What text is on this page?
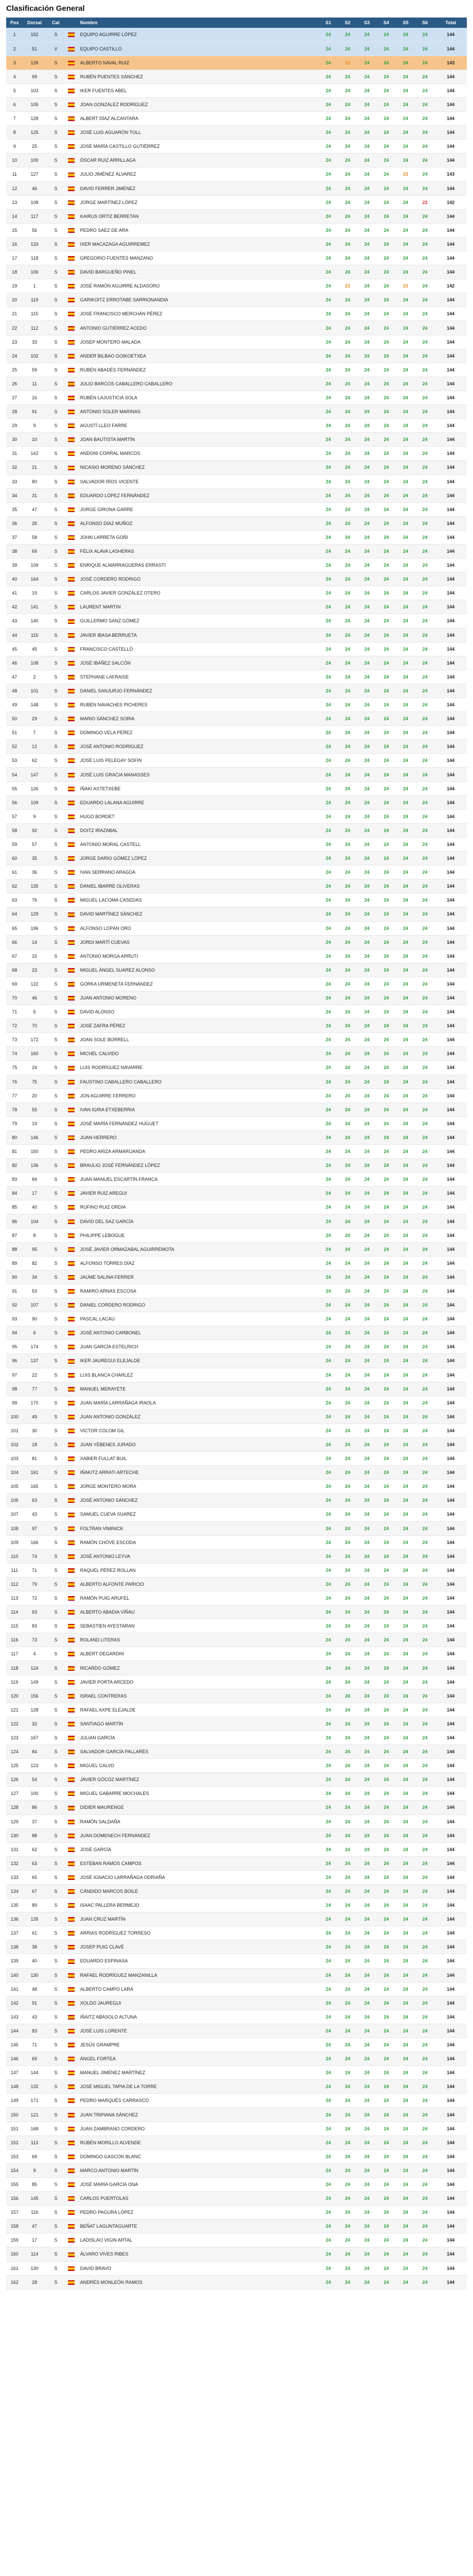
Clasificación General
Pos	Dorsal	Cat		Nombre	S1	S2	S3	S4	S5	S6	Total
1	152	S		EQUIPO AGUIRRE LÓPEZ	24	24	24	24	24	24	144
2	51	V		EQUIPO CASTILLO	24	24	24	24	24	24	144
3	139	S		ALBERTO NAVAL RUIZ	24	23	24	24	24	24	143
4	99	S		RUBÉN PUENTES SÁNCHEZ	24	24	24	24	24	24	144
5	103	S		IKER FUENTES ABEL	24	24	24	24	24	24	144
6	105	S		JOAN GONZÁLEZ RODRÍGUEZ	24	24	24	24	24	24	144
7	128	S		ALBERT DÍAZ ALCANTARA	24	24	24	24	24	24	144
8	125	S		JOSÉ LUIS AGUARÓN TOLL	24	24	24	24	24	24	144
9	25	S		JOSÉ MARÍA CASTILLO GUTIÉRREZ	24	24	24	24	24	24	144
10	100	S		ÓSCAR RUIZ ARRILLAGA	24	24	24	24	24	24	144
11	127	S		JULIO JIMÉNEZ ÁLVAREZ	24	24	24	24	23	24	143
12	46	S		DAVID FERRER JIMÉNEZ	24	24	24	24	24	24	144
13	108	S		JORGE MARTÍNEZ LÓPEZ	24	24	24	24	24	22	142
14	117	S		KAIRUS ORTIZ BERRETAN	24	24	24	24	24	24	144
15	56	S		PEDRO SAEZ DE ARA	24	24	24	24	24	24	144
16	133	S		IXER MACAZAGA AGUIRREMEZ	24	24	24	24	24	24	144
17	118	S		GREGORIO FUENTES MANZANO	24	24	24	24	24	24	144
18	106	S		DAVID BARGUEÑO PINEL	24	24	24	24	24	24	144
19	1	S		JOSÉ RAMÓN AGUIRRE ALDASORO	24	23	24	24	23	24	142
20	119	S		GARIKOITZ ERROTABE SARRIONANDIA	24	24	24	24	24	24	144
21	115	S		JOSÉ FRANCISCO MERCHÁN PÉREZ	24	24	24	24	24	24	144
22	112	S		ANTONIO GUTIÉRREZ ACEDO	24	24	24	24	24	24	144
23	33	S		JOSEP MONTERO MALADA	24	24	24	24	24	24	144
24	102	S		ANDER BILBAO GOIKOETXEA	24	24	24	24	24	24	144
25	59	S		RUBÉN ABADÉS FERNÁNDEZ	24	24	24	24	24	24	144
26	11	S		JULIO BARCOS CABALLERO CABALLERO	24	24	24	24	24	24	144
27	16	S		RUBÉN LAJUSTICIA SOLA	24	24	24	24	24	24	144
28	91	S		ANTONIO SOLER MARINAS	24	24	24	24	24	24	144
29	9	S		AGUSTÍ LLEO FARRE	24	24	24	24	24	24	144
30	10	S		JOAN BAUTISTA MARTÍN	24	24	24	24	24	24	144
31	142	S		ANDONI CORRAL MARCOS	24	24	24	24	24	24	144
32	21	S		NICASIO MORENO SÁNCHEZ	24	24	24	24	24	24	144
33	80	S		SALVADOR RÍOS VICENTE	24	24	24	24	24	24	144
34	31	S		EDUARDO LÓPEZ FERNÁNDEZ	24	24	24	24	24	24	144
35	47	S		JORGE GIRONA GARRE	24	24	24	24	24	24	144
36	26	S		ALFONSO DIAZ MUÑOZ	24	24	24	24	24	24	144
37	58	S		JOHN LARRETA GOÑI	24	24	24	24	24	24	144
38	69	S		FÉLIX ALAVA LASHERAS	24	24	24	24	24	24	144
39	109	S		ENRIQUE ALMARRAGUERAS ERRASTI	24	24	24	24	24	24	144
40	164	S		JOSÉ CORDERO RODRIGO	24	24	24	24	24	24	144
41	19	S		CARLOS JAVIER GONZÁLEZ OTERO	24	24	24	24	24	24	144
42	141	S		LAURENT MARTIN	24	24	24	24	24	24	144
43	140	S		GUILLERMO SANZ GÓMEZ	24	24	24	24	24	24	144
44	115	S		JAVIER IBASA BERRUETA	24	24	24	24	24	24	144
45	45	S		FRANCISCO CASTELLÓ	24	24	24	24	24	24	144
46	108	S		JOSÉ IBÁÑEZ SALCÓN	24	24	24	24	24	24	144
47	2	S		STEPHANE LAFRAISE	24	24	24	24	24	24	144
48	101	S		DANIEL SANJURJO FERNÁNDEZ	24	24	24	24	24	24	144
49	148	S		RUBÉN NAVACHES PICHERES	24	24	24	24	24	24	144
50	29	S		MARIO SÁNCHEZ SORIA	24	24	24	24	24	24	144
51	7	S		DOMINGO VELA PÉREZ	24	24	24	24	24	24	144
52	12	S		JOSÉ ANTONIO RODRÍGUEZ	24	24	24	24	24	24	144
53	62	S		JOSÉ LUIS PELEGAY SOFIN	24	24	24	24	24	24	144
54	147	S		JOSÉ LUIS GRACIA MANASSES	24	24	24	24	24	24	144
55	126	S		IÑAKI ASTETXEBE	24	24	24	24	24	24	144
56	109	S		EDUARDO LALANA AGUIRRE	24	24	24	24	24	24	144
57	9	S		HUGO BORDET	24	24	24	24	24	24	144
58	92	S		DOITZ IRAZABAL	24	24	24	24	24	24	144
59	57	S		ANTONIO MORAL CASTELL	24	24	24	24	24	24	144
60	35	S		JORGE DARIO GÓMEZ LÓPEZ	24	24	24	24	24	24	144
61	36	S		IVAN SERRANO ARAGÜA	24	24	24	24	24	24	144
62	135	S		DANIEL IBARRE OLIVERAS	24	24	24	24	24	24	144
63	76	S		MIGUEL LACOMA CASEDAS	24	24	24	24	24	24	144
64	129	S		DAVID MARTÍNEZ SÁNCHEZ	24	24	24	24	24	24	144
65	196	S		ALFONSO LOPÁN ORO	24	24	24	24	24	24	144
66	14	S		JORDI MARTÍ CUEVAS	24	24	24	24	24	24	144
67	15	S		ANTONIO MORGA ARRUTI	24	24	24	24	24	24	144
68	23	S		MIGUEL ÁNGEL SUAREZ ALONSO	24	24	24	24	24	24	144
69	122	S		GORKA URMENETA FERNÁNDEZ	24	24	24	24	24	24	144
70	46	S		JUAN ANTONIO MORENO	24	24	24	24	24	24	144
71	5	S		DAVID ALONSO	24	24	24	24	24	24	144
72	70	S		JOSÉ ZAFRA PÉREZ	24	24	24	24	24	24	144
73	172	S		JOAN SOLE BORRELL	24	24	24	24	24	24	144
74	160	S		MICHEL CALVIDO	24	24	24	24	24	24	144
75	24	S		LUIS RODRÍGUEZ NAVARRE	24	24	24	24	24	24	144
76	75	S		FAUSTINO CABALLERO CABALLERO	24	24	24	24	24	24	144
77	20	S		JON AGUIRRE FERRERO	24	24	24	24	24	24	144
78	55	S		IVAN IGRIA ETXEBERRIA	24	24	24	24	24	24	144
79	19	S		JOSÉ MARÍA FERNÁNDEZ HUGUET	24	24	24	24	24	24	144
80	146	S		JUAN HERRERO	24	24	24	24	24	24	144
81	150	S		PEDRO ARIZA ARMARIJANDA	24	24	24	24	24	24	144
82	136	S		BRAULIO JOSÉ FERNÁNDEZ LÓPEZ	24	24	24	24	24	24	144
83	84	S		JUAN MANUEL ESCARTÍN FRANCA	24	24	24	24	24	24	144
84	17	S		JAVIER RUIZ AREGUI	24	24	24	24	24	24	144
85	40	S		RUFINO RUIZ ORDIA	24	24	24	24	24	24	144
86	104	S		DAVID DEL SAZ GARCÍA	24	24	24	24	24	24	144
87	8	S		PHILIPPE LEBOGUE	24	24	24	24	24	24	144
88	95	S		JOSÉ JAVIER ORMAZABAL AGUIRREMOTA	24	24	24	24	24	24	144
89	82	S		ALFONSO TORRES DÍAZ	24	24	24	24	24	24	144
90	34	S		JAUME SALINA FERRER	24	24	24	24	24	24	144
91	53	S		RAMIRO ARNAS ESCOSA	24	24	24	24	24	24	144
92	107	S		DANIEL CORDERO RODRIGO	24	24	24	24	24	24	144
93	90	S		PASCAL LACAU	24	24	24	24	24	24	144
94	6	S		JOSÉ ANTONIO CARBONEL	24	24	24	24	24	24	144
95	174	S		JUAN GARCÍA ESTELRICH	24	24	24	24	24	24	144
96	137	S		IKER JAUREGUI ELEJALDE	24	24	24	24	24	24	144
97	22	S		LUIS BLANCA CHARLEZ	24	24	24	24	24	24	144
98	77	S		MANUEL MERAYETE	24	24	24	24	24	24	144
99	170	S		JUAN MARÍA LARRAÑAGA IRAOLA	24	24	24	24	24	24	144
100	49	S		JUAN ANTONIO GONZÁLEZ	24	24	24	24	24	24	144
101	30	S		VÍCTOR COLOM GIL	24	24	24	24	24	24	144
102	18	S		JUAN YÉBENES JURADO	24	24	24	24	24	24	144
103	81	S		XABIER FULLAT BUIL	24	24	24	24	24	24	144
104	161	S		IÑAKITZ ARRATI ARTECHE	24	24	24	24	24	24	144
105	165	S		JORGE MONTERO MORA	24	24	24	24	24	24	144
106	63	S		JOSÉ ANTONIO SÁNCHEZ	24	24	24	24	24	24	144
107	43	S		SAMUEL CUEVA SUAREZ	24	24	24	24	24	24	144
108	97	S		FOLTRAN VIMINICK	24	24	24	24	24	24	144
109	166	S		RAMÓN CHOVE ESCODA	24	24	24	24	24	24	144
110	74	S		JOSÉ ANTONIO LEYVA	24	24	24	24	24	24	144
111	71	S		RAQUEL PÉREZ ROLLAN	24	24	24	24	24	24	144
112	79	S		ALBERTO ALFONTE PARICIO	24	24	24	24	24	24	144
113	72	S		RAMÓN PUIG ARUFEL	24	24	24	24	24	24	144
114	63	S		ALBERTO ABADIA VIÑAU	24	24	24	24	24	24	144
115	83	S		SEBASTIEN AYESTARAN	24	24	24	24	24	24	144
116	73	S		ROLAND LITERAS	24	24	24	24	24	24	144
117	4	S		ALBERT DEGARDIN	24	24	24	24	24	24	144
118	124	S		RICARDO GÓMEZ	24	24	24	24	24	24	144
119	149	S		JAVIER PORTA ARCEDO	24	24	24	24	24	24	144
120	156	S		ISRAEL CONTRERAS	24	24	24	24	24	24	144
121	128	S		RAFAEL AXPE ELEJALDE	24	24	24	24	24	24	144
122	32	S		SANTIAGO MARTÍN	24	24	24	24	24	24	144
123	167	S		JULIAN GARCÍA	24	24	24	24	24	24	144
124	84	S		SALVADOR GARCÍA PALLARÉS	24	24	24	24	24	24	144
125	123	S		MIGUEL CALVO	24	24	24	24	24	24	144
126	54	S		JAVIER GÓCOZ MARTÍNEZ	24	24	24	24	24	24	144
127	100	S		MIGUEL GABARRE MOCHALES	24	24	24	24	24	24	144
128	86	S		DIDIER MAURENGE	24	24	24	24	24	24	144
129	37	S		RAMÓN SALDAÑA	24	24	24	24	24	24	144
130	88	S		JUAN DOMENECH FERNÁNDEZ	24	24	24	24	24	24	144
131	62	S		JOSÉ GARCÍA	24	24	24	24	24	24	144
132	63	S		ESTEBAN RAMOS CAMPOS	24	24	24	24	24	24	144
133	65	S		JOSÉ IGNACIO LARRAÑAGA ODRIAÑA	24	24	24	24	24	24	144
134	67	S		CÁNDIDO MARCOS BOILE	24	24	24	24	24	24	144
135	89	S		ISAAC PALLERA BERMEJO	24	24	24	24	24	24	144
136	135	S		JUAN CRUZ MARTÍN	24	24	24	24	24	24	144
137	61	S		ARRIAS RODRÍGUEZ TORRESO	24	24	24	24	24	24	144
138	38	S		JOSEP PUIG CLAVÉ	24	24	24	24	24	24	144
139	40	S		EDUARDO ESPINASA	24	24	24	24	24	24	144
140	130	S		RAFAEL RODRÍGUEZ MANZANILLA	24	24	24	24	24	24	144
141	48	S		ALBERTO CAMPO LARA	24	24	24	24	24	24	144
142	91	S		XOLDO JAUREGUI	24	24	24	24	24	24	144
143	43	S		IÑAITZ ABASOLO ALTUNA	24	24	24	24	24	24	144
144	83	S		JOSÉ LUIS LORENTE	24	24	24	24	24	24	144
145	71	S		JESÚS GRAMPRE	24	24	24	24	24	24	144
146	69	S		ÁNGEL FORTEA	24	24	24	24	24	24	144
147	144	S		MANUEL JIMÉNEZ MARTÍNEZ	24	24	24	24	24	24	144
148	132	S		JOSÉ MIGUEL TAPIA DE LA TORRE	24	24	24	24	24	24	144
149	171	S		PEDRO MARQUÉS CARRASCO	24	24	24	24	24	24	144
150	121	S		JUAN TRIPIANA SÁNCHEZ	24	24	24	24	24	24	144
151	168	S		JUAN ZAMBRANO CORDERO	24	24	24	24	24	24	144
152	113	S		RUBÉN MORILLO ALVENDE	24	24	24	24	24	24	144
153	69	S		DOMINGO GASCON BLANC	24	24	24	24	24	24	144
154	9	S		MARCO ANTONIO MARTÍN	24	24	24	24	24	24	144
155	85	S		JOSÉ MARÍA GARCÍA ONA	24	24	24	24	24	24	144
156	145	S		CARLOS PUERTOLAS	24	24	24	24	24	24	144
157	116	S		PEDRO PAGURA LÓPEZ	24	24	24	24	24	24	144
158	47	S		BEÑAT LAGUNTAGUARTE	24	24	24	24	24	24	144
159	17	S		LADISLAO VIGIN ARTAL	24	24	24	24	24	24	144
160	114	S		ÁLVARO VIVES RIBES	24	24	24	24	24	24	144
161	130	S		DAVID BRAVO	24	24	24	24	24	24	144
162	28	S		ANDRÉS MONLEÓN RAMOS	24	24	24	24	24	24	144
